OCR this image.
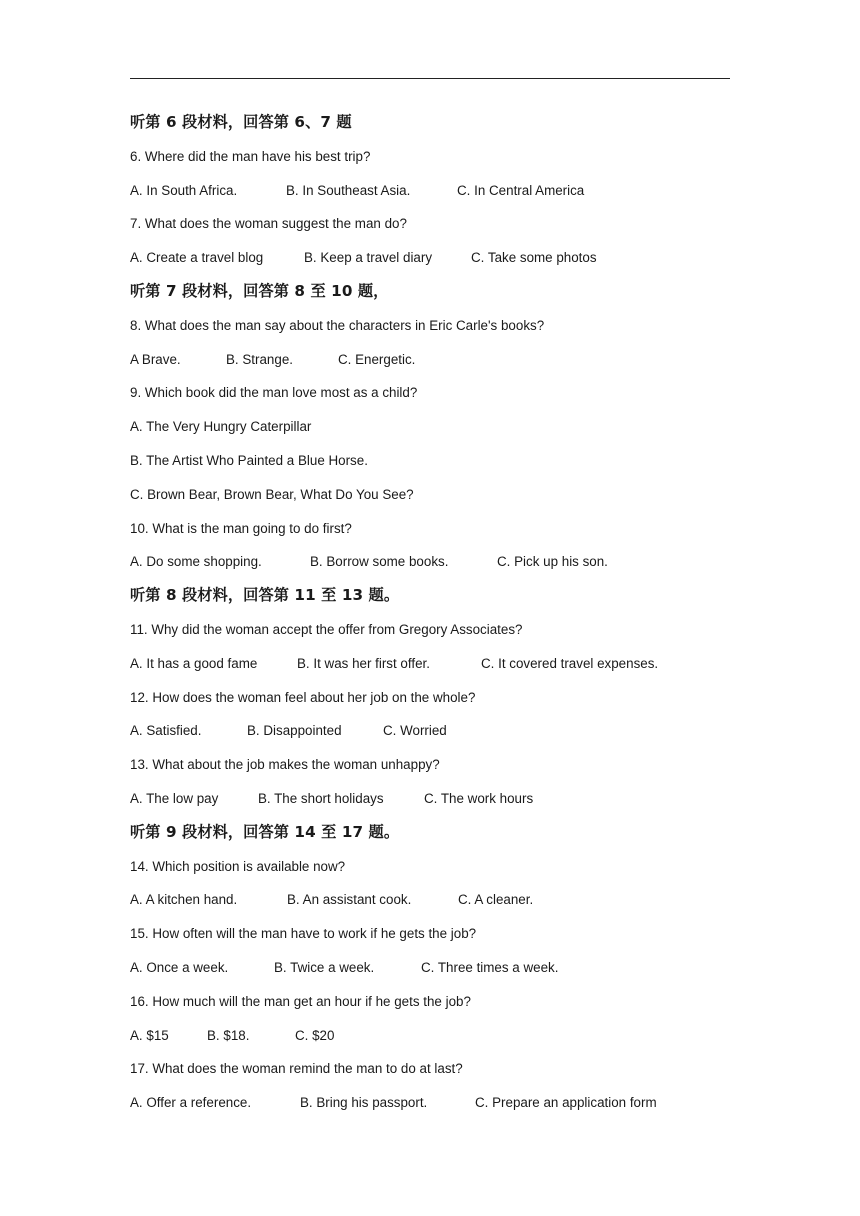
听第 6 段材料，回答第 6、7 题
6. Where did the man have his best trip?
A. In South Africa.	B. In Southeast Asia.	C. In Central America
7. What does the woman suggest the man do?
A. Create a travel blog	B. Keep a travel diary	C. Take some photos
听第 7 段材料，回答第 8 至 10 题，
8. What does the man say about the characters in Eric Carle's books?
A Brave.	B. Strange.	C. Energetic.
9. Which book did the man love most as a child?
A. The Very Hungry Caterpillar
B. The Artist Who Painted a Blue Horse.
C. Brown Bear, Brown Bear, What Do You See?
10. What is the man going to do first?
A. Do some shopping.	B. Borrow some books.	C. Pick up his son.
听第 8 段材料，回答第 11 至 13 题。
11. Why did the woman accept the offer from Gregory Associates?
A. It has a good fame	B. It was her first offer.	C. It covered travel expenses.
12. How does the woman feel about her job on the whole?
A. Satisfied.	B. Disappointed	C. Worried
13. What about the job makes the woman unhappy?
A. The low pay	B. The short holidays	C. The work hours
听第 9 段材料，回答第 14 至 17 题。
14. Which position is available now?
A. A kitchen hand.	B. An assistant cook.	C. A cleaner.
15. How often will the man have to work if he gets the job?
A. Once a week.	B. Twice a week.	C. Three times a week.
16. How much will the man get an hour if he gets the job?
A. $15	B. $18.	C. $20
17. What does the woman remind the man to do at last?
A. Offer a reference.	B. Bring his passport.	C. Prepare an application form
